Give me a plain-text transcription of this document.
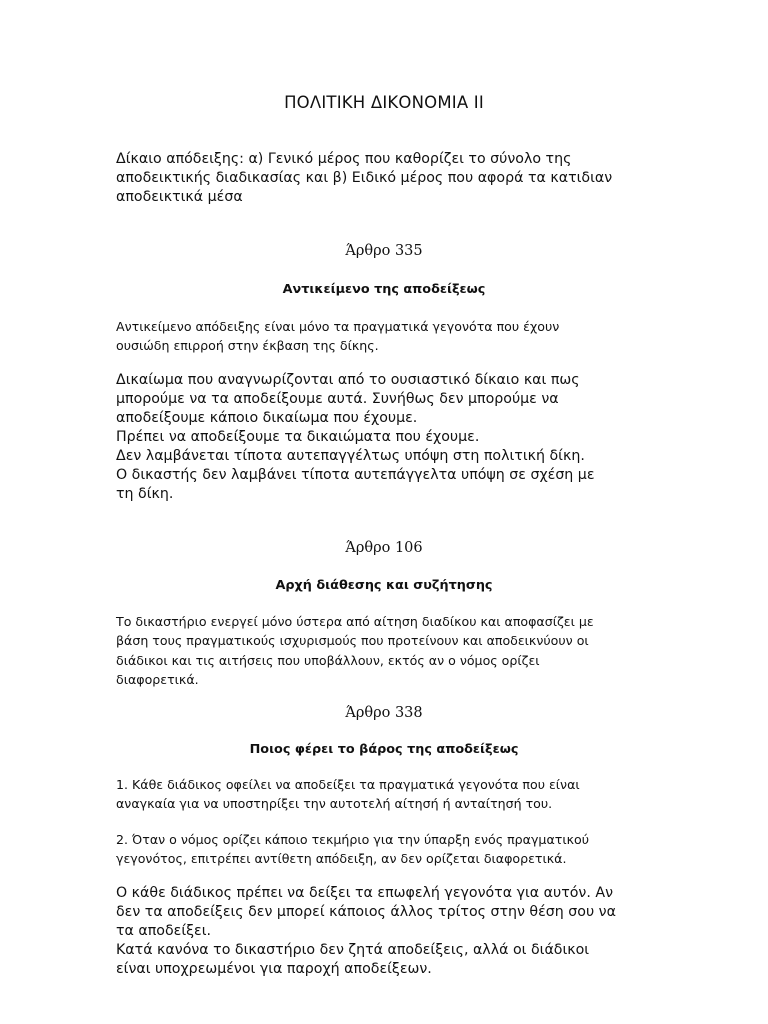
ΠΟΛΙΤΙΚΗ ΔΙΚΟΝΟΜΙΑ ΙΙ

Δίκαιο απόδειξης: α) Γενικό μέρος που καθορίζει το σύνολο της
αποδεικτικής διαδικασίας και β) Ειδικό μέρος που αφορά τα κατιδιαν
αποδεικτικά μέσα

Άρθρο 335
Αντικείμενο της αποδείξεως

Αντικείμενο απόδειξης είναι μόνο τα πραγματικά γεγονότα που έχουν
ουσιώδη επιρροή στην έκβαση της δίκης.

Δικαίωμα που αναγνωρίζονται από το ουσιαστικό δίκαιο και πως
μπορούμε να τα αποδείξουμε αυτά. Συνήθως δεν μπορούμε να
αποδείξουμε κάποιο δικαίωμα που έχουμε.
Πρέπει να αποδείξουμε τα δικαιώματα που έχουμε.
Δεν λαμβάνεται τίποτα αυτεπαγγέλτως υπόψη στη πολιτική δίκη.
Ο δικαστής δεν λαμβάνει τίποτα αυτεπάγγελτα υπόψη σε σχέση με
τη δίκη.

Άρθρο 106
Αρχή διάθεσης και συζήτησης

Το δικαστήριο ενεργεί μόνο ύστερα από αίτηση διαδίκου και αποφασίζει με
βάση τους πραγματικούς ισχυρισμούς που προτείνουν και αποδεικνύουν οι
διάδικοι και τις αιτήσεις που υποβάλλουν, εκτός αν ο νόμος ορίζει
διαφορετικά.

Άρθρο 338
Ποιος φέρει το βάρος της αποδείξεως

1. Κάθε διάδικος οφείλει να αποδείξει τα πραγματικά γεγονότα που είναι
αναγκαία για να υποστηρίξει την αυτοτελή αίτησή ή ανταίτησή του.

2. Όταν ο νόμος ορίζει κάποιο τεκμήριο για την ύπαρξη ενός πραγματικού
γεγονότος, επιτρέπει αντίθετη απόδειξη, αν δεν ορίζεται διαφορετικά.

Ο κάθε διάδικος πρέπει να δείξει τα επωφελή γεγονότα για αυτόν. Αν
δεν τα αποδείξεις δεν μπορεί κάποιος άλλος τρίτος στην θέση σου να
τα αποδείξει.
Κατά κανόνα το δικαστήριο δεν ζητά αποδείξεις, αλλά οι διάδικοι
είναι υποχρεωμένοι για παροχή αποδείξεων.
